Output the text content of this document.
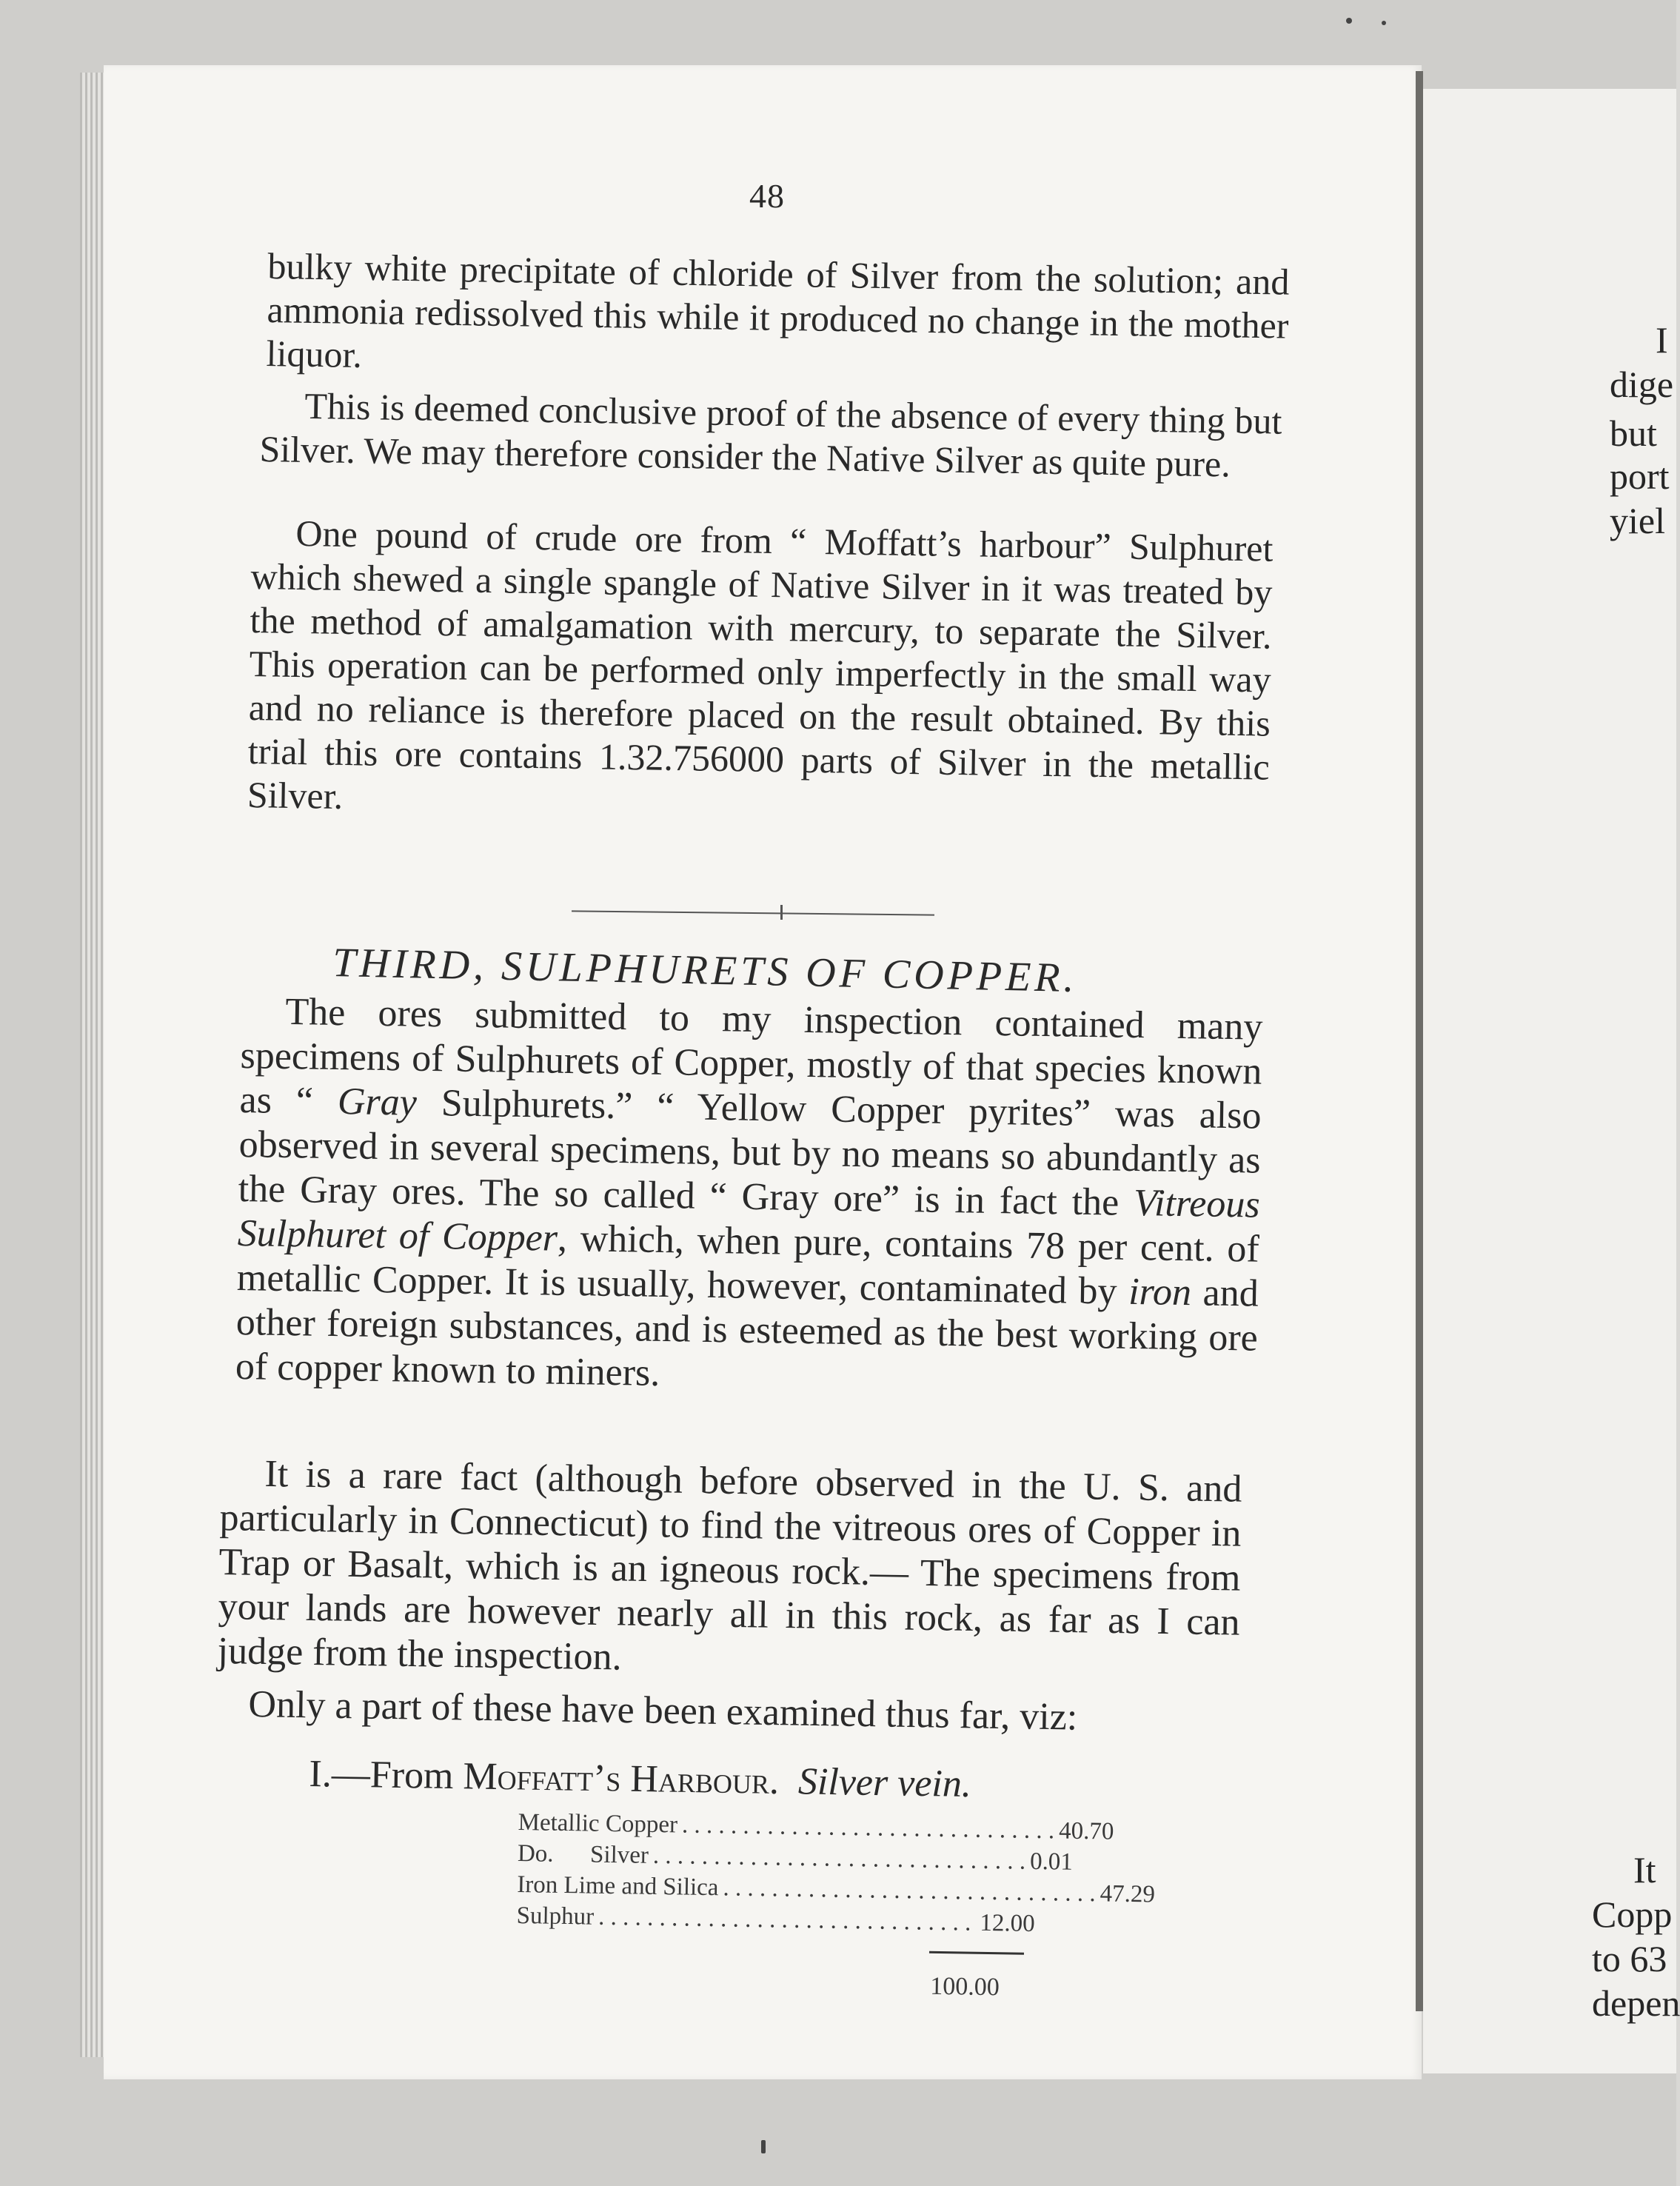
48

bulky white precipitate of chloride of Silver from the solution; and ammonia redissolved this while it produced no change in the mother liquor.

This is deemed conclusive proof of the absence of every thing but Silver. We may therefore consider the Native Silver as quite pure.

One pound of crude ore from “ Moffatt’s harbour” Sulphuret which shewed a single spangle of Native Silver in it was treated by the method of amalgamation with mercury, to separate the Silver. This operation can be performed only imperfectly in the small way and no reliance is therefore placed on the result obtained. By this trial this ore contains 1.32.756000 parts of Silver in the metallic Silver.

THIRD, SULPHURETS OF COPPER.

The ores submitted to my inspection contained many specimens of Sulphurets of Copper, mostly of that species known as “ Gray Sulphurets.” “ Yellow Copper pyrites” was also observed in several specimens, but by no means so abundantly as the Gray ores. The so called “ Gray ore” is in fact the Vitreous Sulphuret of Copper, which, when pure, contains 78 per cent. of metallic Copper. It is usually, however, contaminated by iron and other foreign substances, and is esteemed as the best working ore of copper known to miners.

It is a rare fact (although before observed in the U. S. and particularly in Connecticut) to find the vitreous ores of Copper in Trap or Basalt, which is an igneous rock.— The specimens from your lands are however nearly all in this rock, as far as I can judge from the inspection.

Only a part of these have been examined thus far, viz:
I.—From Moffatt’s Harbour. Silver vein.
Metallic Copper . . . . . . . . . . . . . . . . . . . . . . . . . . . . . . . 40.70
Do.      Silver . . . . . . . . . . . . . . . . . . . . . . . . . . . . . . . 0.01
Iron Lime and Silica . . . . . . . . . . . . . . . . . . . . . . . . . . . . . . . 47.29
Sulphur . . . . . . . . . . . . . . . . . . . . . . . . . . . . . . . 12.00
100.00
I
dige
but
port
yiel
It
Copp
to 63
depen
